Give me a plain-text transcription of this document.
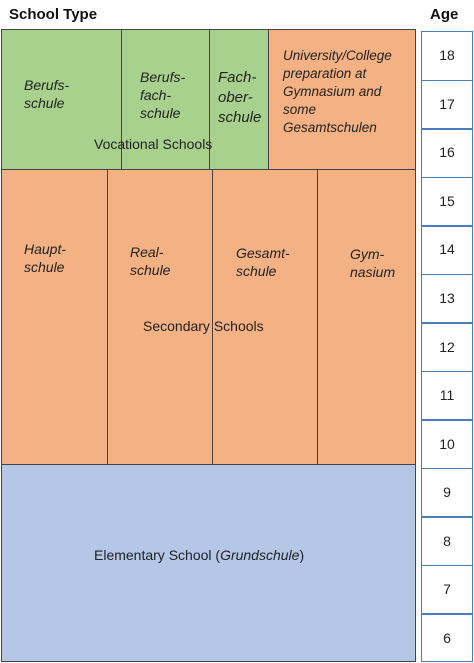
School Type	Age
Berufs-
schule
Berufs-
fach-
schule
Fach-
ober-
schule
Vocational Schools
University/College
preparation at
Gymnasium and
some
Gesamtschulen
Haupt-
schule
Real-
schule
Gesamt-
schule
Gym-
nasium
Secondary Schools
Elementary School (Grundschule)
18
17
16
15
14
13
12
11
10
9
8
7
6
